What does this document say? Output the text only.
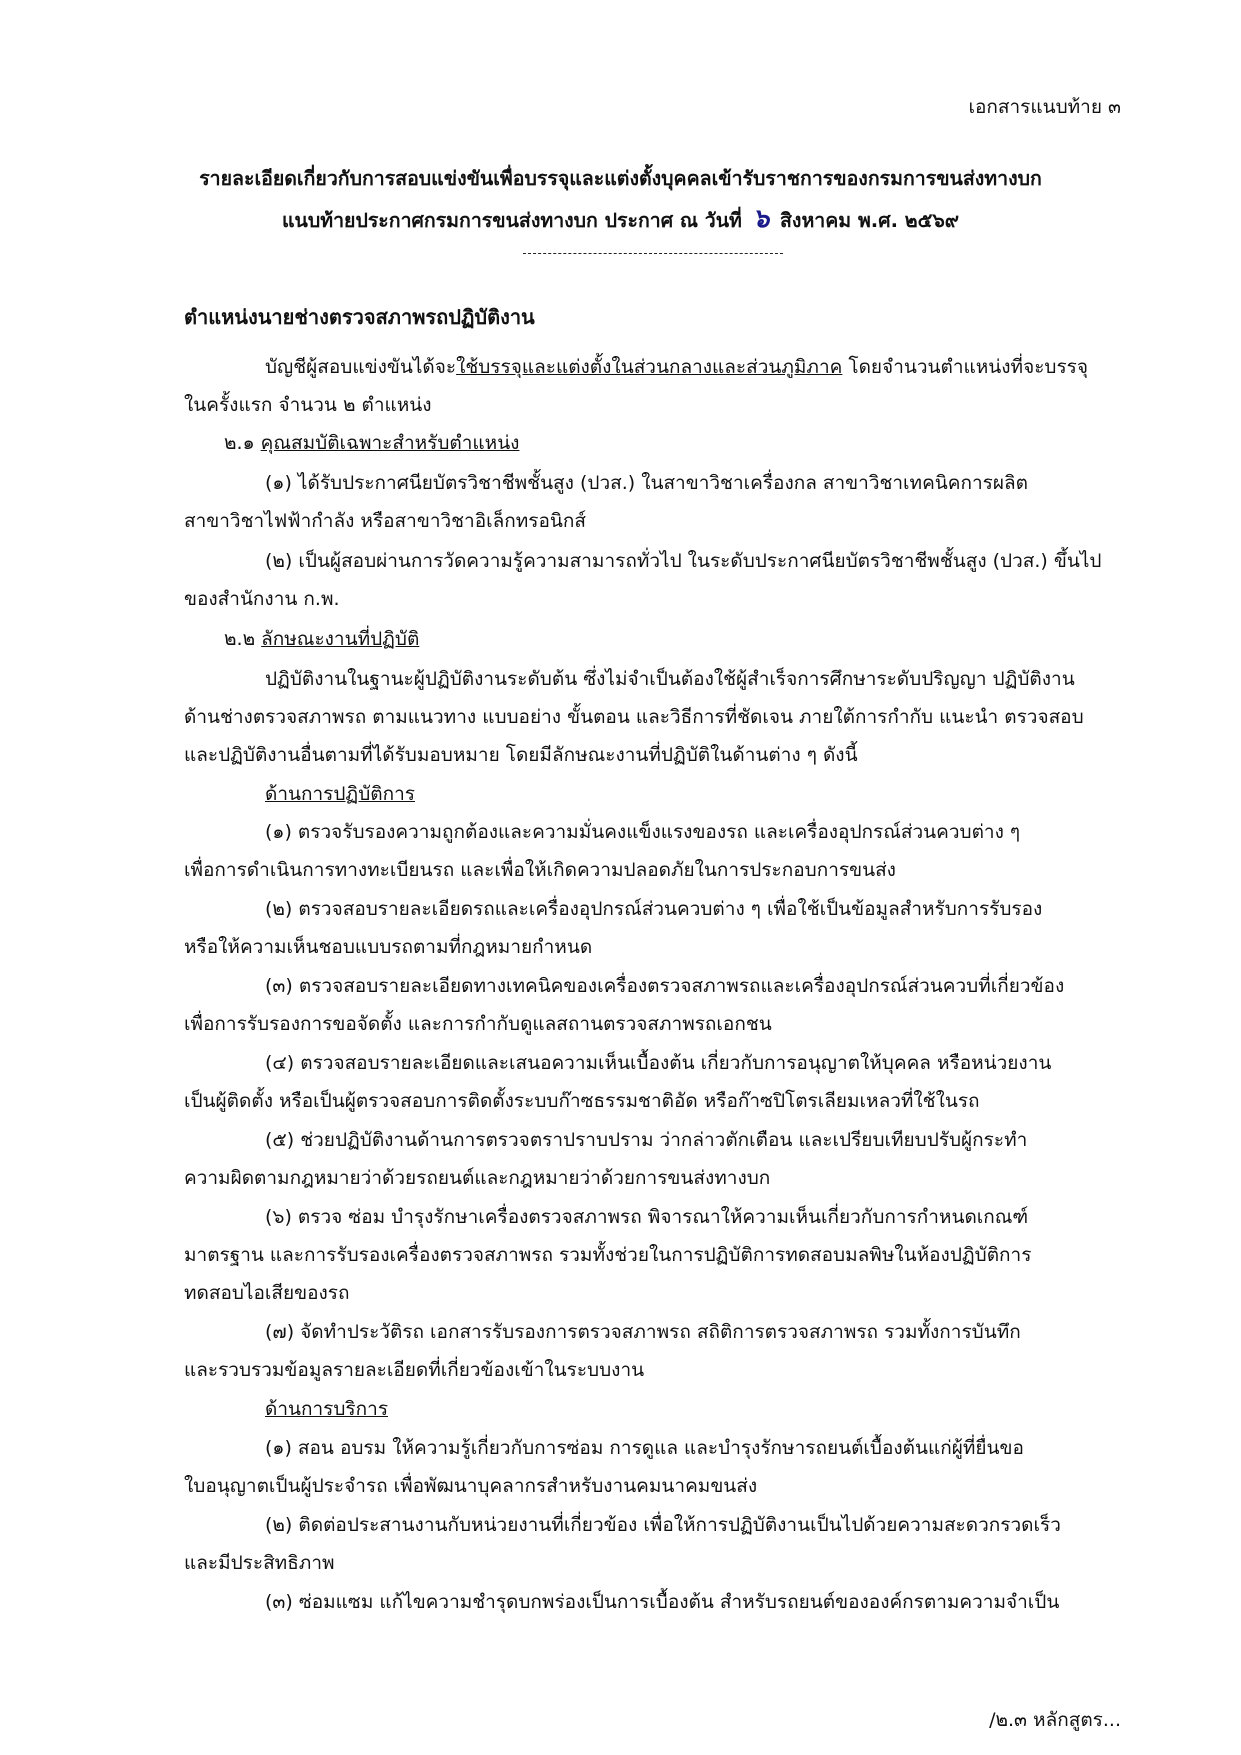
เอกสารแนบท้าย ๓
รายละเอียดเกี่ยวกับการสอบแข่งขันเพื่อบรรจุและแต่งตั้งบุคคลเข้ารับราชการของกรมการขนส่งทางบก
แนบท้ายประกาศกรมการขนส่งทางบก ประกาศ ณ วันที่ ๖ สิงหาคม พ.ศ. ๒๕๖๙
ตำแหน่งนายช่างตรวจสภาพรถปฏิบัติงาน
บัญชีผู้สอบแข่งขันได้จะใช้บรรจุและแต่งตั้งในส่วนกลางและส่วนภูมิภาค โดยจำนวนตำแหน่งที่จะบรรจุ
ในครั้งแรก จำนวน ๒ ตำแหน่ง
๒.๑ คุณสมบัติเฉพาะสำหรับตำแหน่ง
(๑) ได้รับประกาศนียบัตรวิชาชีพชั้นสูง (ปวส.) ในสาขาวิชาเครื่องกล สาขาวิชาเทคนิคการผลิต
สาขาวิชาไฟฟ้ากำลัง หรือสาขาวิชาอิเล็กทรอนิกส์
(๒) เป็นผู้สอบผ่านการวัดความรู้ความสามารถทั่วไป ในระดับประกาศนียบัตรวิชาชีพชั้นสูง (ปวส.) ขึ้นไป
ของสำนักงาน ก.พ.
๒.๒ ลักษณะงานที่ปฏิบัติ
ปฏิบัติงานในฐานะผู้ปฏิบัติงานระดับต้น ซึ่งไม่จำเป็นต้องใช้ผู้สำเร็จการศึกษาระดับปริญญา ปฏิบัติงาน
ด้านช่างตรวจสภาพรถ ตามแนวทาง แบบอย่าง ขั้นตอน และวิธีการที่ชัดเจน ภายใต้การกำกับ แนะนำ ตรวจสอบ
และปฏิบัติงานอื่นตามที่ได้รับมอบหมาย โดยมีลักษณะงานที่ปฏิบัติในด้านต่าง ๆ ดังนี้
ด้านการปฏิบัติการ
(๑) ตรวจรับรองความถูกต้องและความมั่นคงแข็งแรงของรถ และเครื่องอุปกรณ์ส่วนควบต่าง ๆ
เพื่อการดำเนินการทางทะเบียนรถ และเพื่อให้เกิดความปลอดภัยในการประกอบการขนส่ง
(๒) ตรวจสอบรายละเอียดรถและเครื่องอุปกรณ์ส่วนควบต่าง ๆ เพื่อใช้เป็นข้อมูลสำหรับการรับรอง
หรือให้ความเห็นชอบแบบรถตามที่กฎหมายกำหนด
(๓) ตรวจสอบรายละเอียดทางเทคนิคของเครื่องตรวจสภาพรถและเครื่องอุปกรณ์ส่วนควบที่เกี่ยวข้อง
เพื่อการรับรองการขอจัดตั้ง และการกำกับดูแลสถานตรวจสภาพรถเอกชน
(๔) ตรวจสอบรายละเอียดและเสนอความเห็นเบื้องต้น เกี่ยวกับการอนุญาตให้บุคคล หรือหน่วยงาน
เป็นผู้ติดตั้ง หรือเป็นผู้ตรวจสอบการติดตั้งระบบก๊าซธรรมชาติอัด หรือก๊าซปิโตรเลียมเหลวที่ใช้ในรถ
(๕) ช่วยปฏิบัติงานด้านการตรวจตราปราบปราม ว่ากล่าวตักเตือน และเปรียบเทียบปรับผู้กระทำ
ความผิดตามกฎหมายว่าด้วยรถยนต์และกฎหมายว่าด้วยการขนส่งทางบก
(๖) ตรวจ ซ่อม บำรุงรักษาเครื่องตรวจสภาพรถ พิจารณาให้ความเห็นเกี่ยวกับการกำหนดเกณฑ์
มาตรฐาน และการรับรองเครื่องตรวจสภาพรถ รวมทั้งช่วยในการปฏิบัติการทดสอบมลพิษในห้องปฏิบัติการ
ทดสอบไอเสียของรถ
(๗) จัดทำประวัติรถ เอกสารรับรองการตรวจสภาพรถ สถิติการตรวจสภาพรถ รวมทั้งการบันทึก
และรวบรวมข้อมูลรายละเอียดที่เกี่ยวข้องเข้าในระบบงาน
ด้านการบริการ
(๑) สอน อบรม ให้ความรู้เกี่ยวกับการซ่อม การดูแล และบำรุงรักษารถยนต์เบื้องต้นแก่ผู้ที่ยื่นขอ
ใบอนุญาตเป็นผู้ประจำรถ เพื่อพัฒนาบุคลากรสำหรับงานคมนาคมขนส่ง
(๒) ติดต่อประสานงานกับหน่วยงานที่เกี่ยวข้อง เพื่อให้การปฏิบัติงานเป็นไปด้วยความสะดวกรวดเร็ว
และมีประสิทธิภาพ
(๓) ซ่อมแซม แก้ไขความชำรุดบกพร่องเป็นการเบื้องต้น สำหรับรถยนต์ขององค์กรตามความจำเป็น
/๒.๓ หลักสูตร...
